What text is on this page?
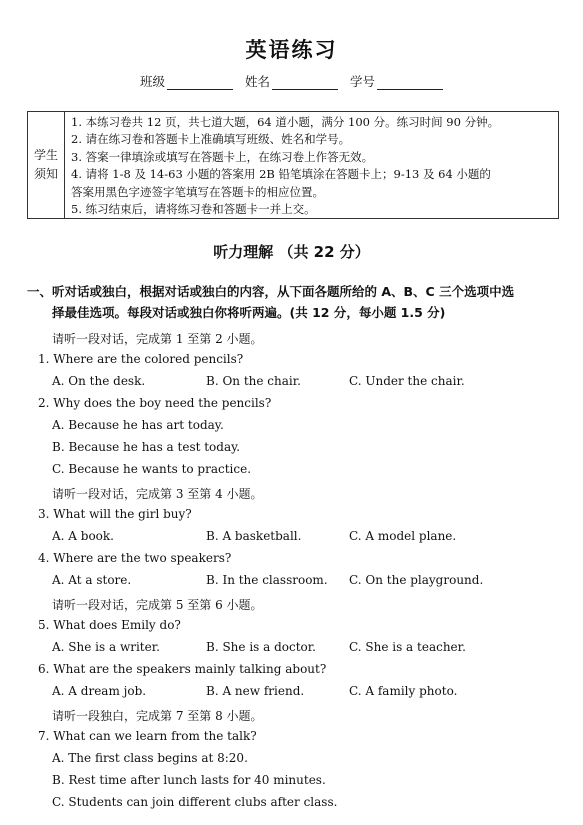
英语练习
班级	姓名	学号
学生
须知
1. 本练习卷共 12 页，共七道大题，64 道小题，满分 100 分。练习时间 90 分钟。
2. 请在练习卷和答题卡上准确填写班级、姓名和学号。
3. 答案一律填涂或填写在答题卡上，在练习卷上作答无效。
4. 请将 1-8 及 14-63 小题的答案用 2B 铅笔填涂在答题卡上；9-13 及 64 小题的
答案用黑色字迹签字笔填写在答题卡的相应位置。
5. 练习结束后，请将练习卷和答题卡一并上交。
听力理解 （共 22 分）
一、听对话或独白，根据对话或独白的内容，从下面各题所给的 A、B、C 三个选项中选
择最佳选项。每段对话或独白你将听两遍。(共 12 分，每小题 1.5 分)
请听一段对话，完成第 1 至第 2 小题。
1. Where are the colored pencils?
A. On the desk.	B. On the chair.	C. Under the chair.
2. Why does the boy need the pencils?
A. Because he has art today.
B. Because he has a test today.
C. Because he wants to practice.
请听一段对话，完成第 3 至第 4 小题。
3. What will the girl buy?
A. A book.	B. A basketball.	C. A model plane.
4. Where are the two speakers?
A. At a store.	B. In the classroom. C. On the playground.
请听一段对话，完成第 5 至第 6 小题。
5. What does Emily do?
A. She is a writer.	B. She is a doctor.	C. She is a teacher.
6. What are the speakers mainly talking about?
A. A dream job.	B. A new friend.	C. A family photo.
请听一段独白，完成第 7 至第 8 小题。
7. What can we learn from the talk?
A. The first class begins at 8:20.
B. Rest time after lunch lasts for 40 minutes.
C. Students can join different clubs after class.
